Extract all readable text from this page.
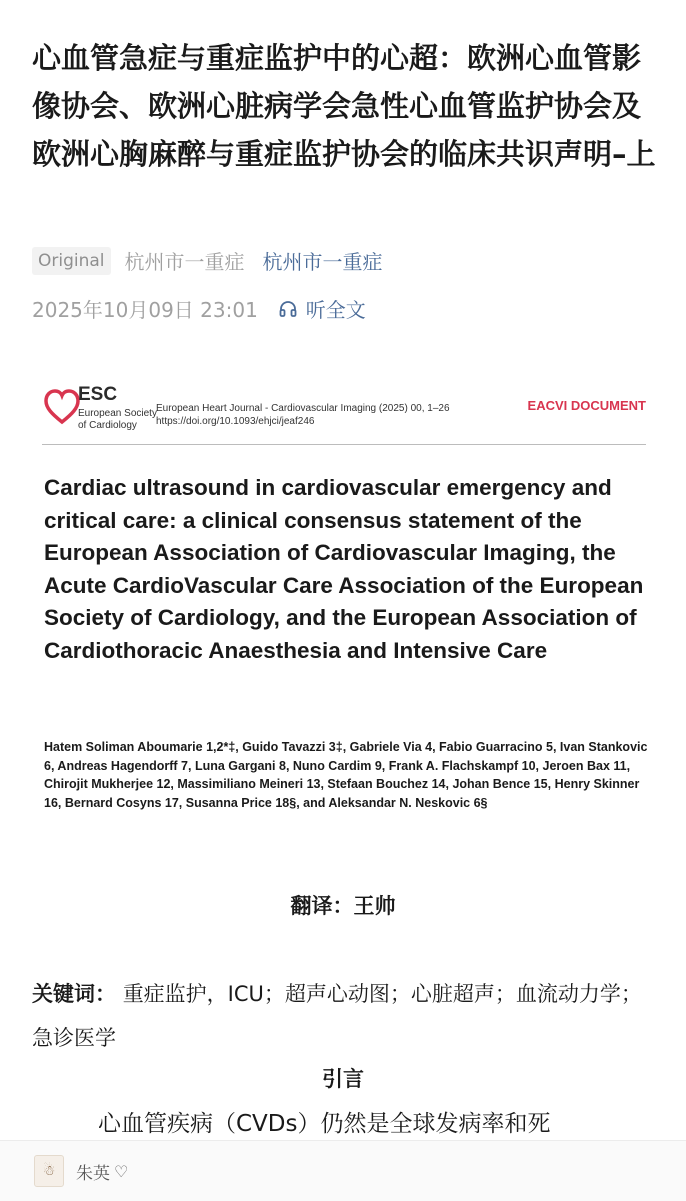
心血管急症与重症监护中的心超：欧洲心血管影像协会、欧洲心脏病学会急性心血管监护协会及欧洲心胸麻醉与重症监护协会的临床共识声明–上
Original	杭州市一重症 杭州市一重症
2025年10月09日 23:01 听全文
ESC
European Society of Cardiology
European Heart Journal - Cardiovascular Imaging (2025) 00, 1–26
https://doi.org/10.1093/ehjci/jeaf246
EACVI DOCUMENT
Cardiac ultrasound in cardiovascular emergency and critical care: a clinical consensus statement of the European Association of Cardiovascular Imaging, the Acute CardioVascular Care Association of the European Society of Cardiology, and the European Association of Cardiothoracic Anaesthesia and Intensive Care
Hatem Soliman Aboumarie 1,2*‡, Guido Tavazzi 3‡, Gabriele Via 4, Fabio Guarracino 5, Ivan Stankovic 6, Andreas Hagendorff 7, Luna Gargani 8, Nuno Cardim 9, Frank A. Flachskampf 10, Jeroen Bax 11, Chirojit Mukherjee 12, Massimiliano Meineri 13, Stefaan Bouchez 14, Johan Bence 15, Henry Skinner 16, Bernard Cosyns 17, Susanna Price 18§, and Aleksandar N. Neskovic 6§
翻译：王帅
关键词： 重症监护，ICU；超声心动图；心脏超声；血流动力学；急诊医学
引言
心血管疾病（CVDs）仍然是全球发病率和死
☃	朱英 ♡
